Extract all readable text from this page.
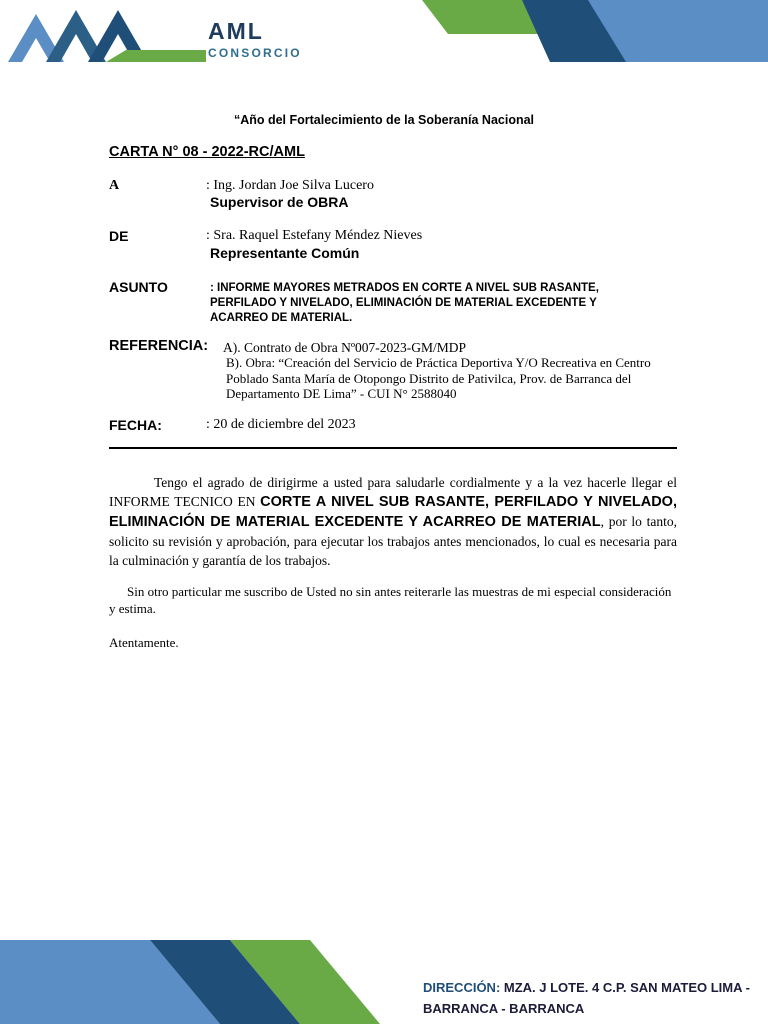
AML
CONSORCIO
“Año del Fortalecimiento de la Soberanía Nacional
CARTA N° 08 - 2022-RC/AML
A	: Ing. Jordan Joe Silva Lucero
Supervisor de OBRA
DE	: Sra. Raquel Estefany Méndez Nieves
Representante Común
ASUNTO	: INFORME MAYORES METRADOS EN CORTE A NIVEL SUB RASANTE, PERFILADO Y NIVELADO, ELIMINACIÓN DE MATERIAL EXCEDENTE Y ACARREO DE MATERIAL.
REFERENCIA: A). Contrato de Obra Nº007-2023-GM/MDP
B). Obra: “Creación del Servicio de Práctica Deportiva Y/O Recreativa en Centro Poblado Santa María de Otopongo Distrito de Pativilca, Prov. de Barranca del Departamento DE Lima” - CUI N° 2588040
FECHA:	: 20 de diciembre del 2023
Tengo el agrado de dirigirme a usted para saludarle cordialmente y a la vez hacerle llegar el INFORME TECNICO EN CORTE A NIVEL SUB RASANTE, PERFILADO Y NIVELADO, ELIMINACIÓN DE MATERIAL EXCEDENTE Y ACARREO DE MATERIAL, por lo tanto, solicito su revisión y aprobación, para ejecutar los trabajos antes mencionados, lo cual es necesaria para la culminación y garantía de los trabajos.
Sin otro particular me suscribo de Usted no sin antes reiterarle las muestras de mi especial consideración y estima.
Atentamente.
DIRECCIÓN: MZA. J LOTE. 4 C.P. SAN MATEO LIMA - BARRANCA - BARRANCA
